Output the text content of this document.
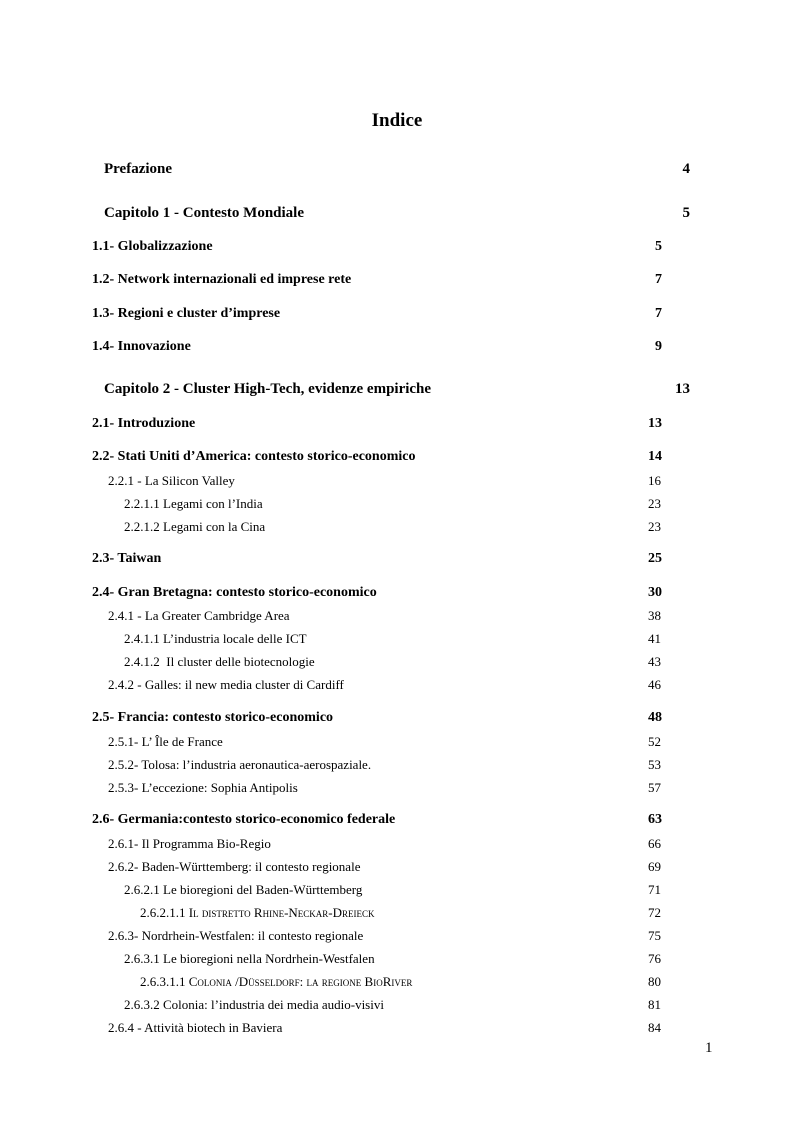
Indice
Prefazione	4
Capitolo 1 - Contesto Mondiale	5
1.1- Globalizzazione	5
1.2- Network internazionali ed imprese rete	7
1.3- Regioni e cluster d’imprese	7
1.4- Innovazione	9
Capitolo 2 - Cluster High-Tech, evidenze empiriche	13
2.1- Introduzione	13
2.2- Stati Uniti d’America: contesto storico-economico	14
2.2.1 - La Silicon Valley	16
2.2.1.1 Legami con l’India	23
2.2.1.2 Legami con la Cina	23
2.3- Taiwan	25
2.4- Gran Bretagna: contesto storico-economico	30
2.4.1 - La Greater Cambridge Area	38
2.4.1.1 L’industria locale delle ICT	41
2.4.1.2  Il cluster delle biotecnologie	43
2.4.2 - Galles: il new media cluster di Cardiff	46
2.5- Francia: contesto storico-economico	48
2.5.1- L’ Île de France	52
2.5.2- Tolosa: l’industria aeronautica-aerospaziale.	53
2.5.3- L’eccezione: Sophia Antipolis	57
2.6- Germania:contesto storico-economico federale	63
2.6.1- Il Programma Bio-Regio	66
2.6.2- Baden-Württemberg: il contesto regionale	69
2.6.2.1 Le bioregioni del Baden-Württemberg	71
2.6.2.1.1 Il distretto Rhine-Neckar-Dreieck	72
2.6.3- Nordrhein-Westfalen: il contesto regionale	75
2.6.3.1 Le bioregioni nella Nordrhein-Westfalen	76
2.6.3.1.1 Colonia /Düsseldorf: la regione BioRiver	80
2.6.3.2 Colonia: l’industria dei media audio-visivi	81
2.6.4 - Attività biotech in Baviera	84
1
